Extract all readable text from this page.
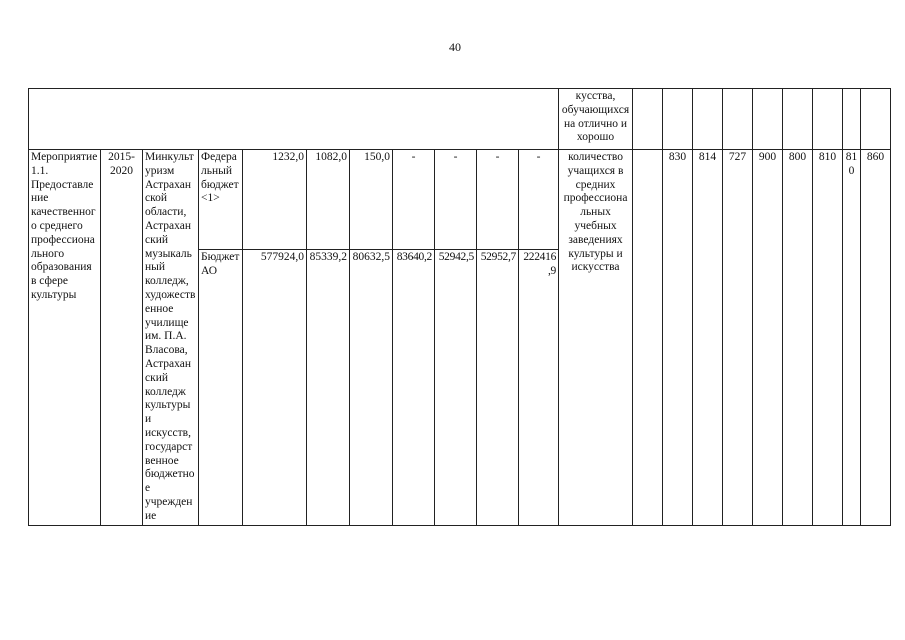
40
											кусства, обучающихся на отлично и хорошо									
Мероприятие 1.1. Предоставление качественного среднего профессионального образования в сфере культуры	2015-2020	Минкультуризм Астраханской области, Астраханский музыкальный колледж, художественное училище им. П.А. Власова, Астраханский колледж культуры и искусств, государственное бюджетное учреждение	Федеральный бюджет <1>	1232,0	1082,0	150,0	-	-	-	-	количество учащихся в средних профессиональных учебных заведениях культуры и искусства		830	814	727	900	800	810	810	860
			Бюджет АО	577924,0	85339,2	80632,5	83640,2	52942,5	52952,7	222416,9										
